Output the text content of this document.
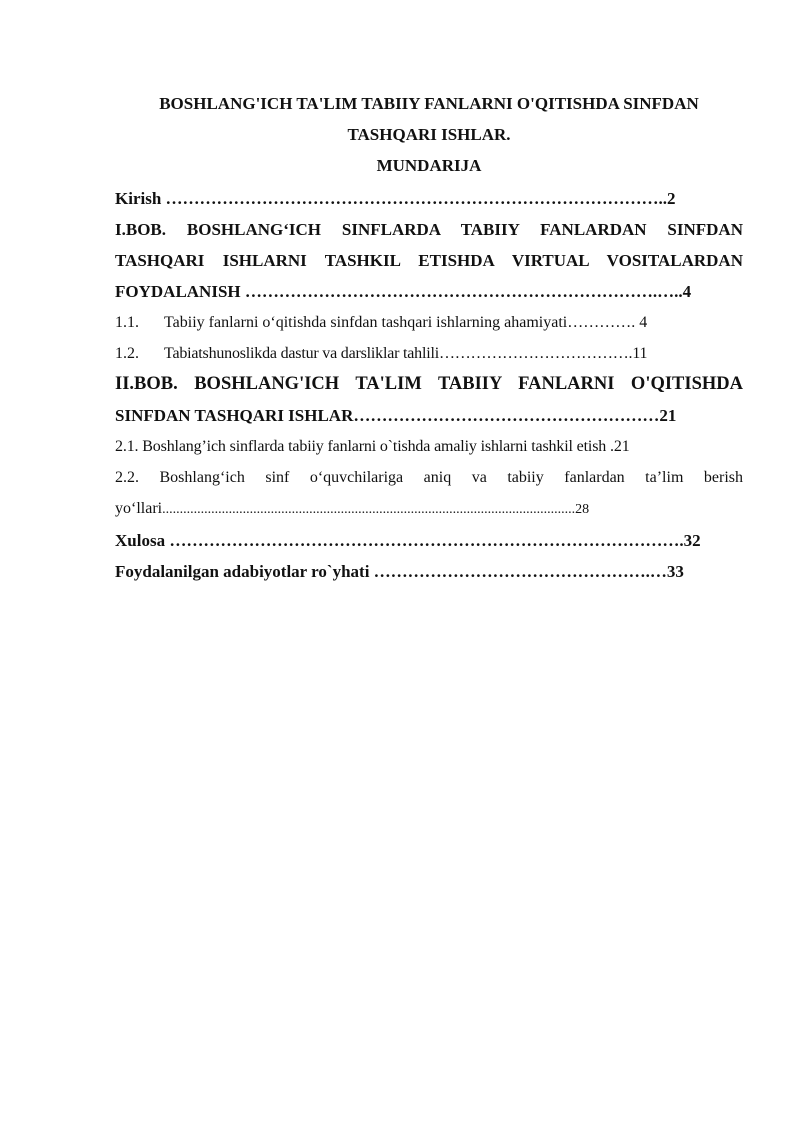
BOSHLANG'ICH TA'LIM TABIIY FANLARNI O'QITISHDA SINFDAN

TASHQARI ISHLAR.

MUNDARIJA

Kirish ……………………………………………………………………………..2

I.BOB. BOSHLANG‘ICH SINFLARDA TABIIY FANLARDAN SINFDAN

TASHQARI ISHLARNI TASHKIL ETISHDA VIRTUAL VOSITALARDAN

FOYDALANISH ……………………………………………………………….…..4

1.1. Tabiiy fanlarni o‘qitishda sinfdan tashqari ishlarning ahamiyati…………. 4

1.2. Tabiatshunoslikda dastur va darsliklar tahlili……………………………….11

II.BOB. BOSHLANG'ICH TA'LIM TABIIY FANLARNI O'QITISHDA

SINFDAN TASHQARI ISHLAR………………………………………………21

2.1. Boshlang’ich sinflarda tabiiy fanlarni o`tishda amaliy ishlarni tashkil etish .21

2.2. Boshlang‘ich sinf o‘quvchilariga aniq va tabiiy fanlardan ta’lim berish

yo‘llari......................................................................................................................28

Xulosa ……………………………………………………………………………….32

Foydalanilgan adabiyotlar ro`yhati ………………………………………….…33
